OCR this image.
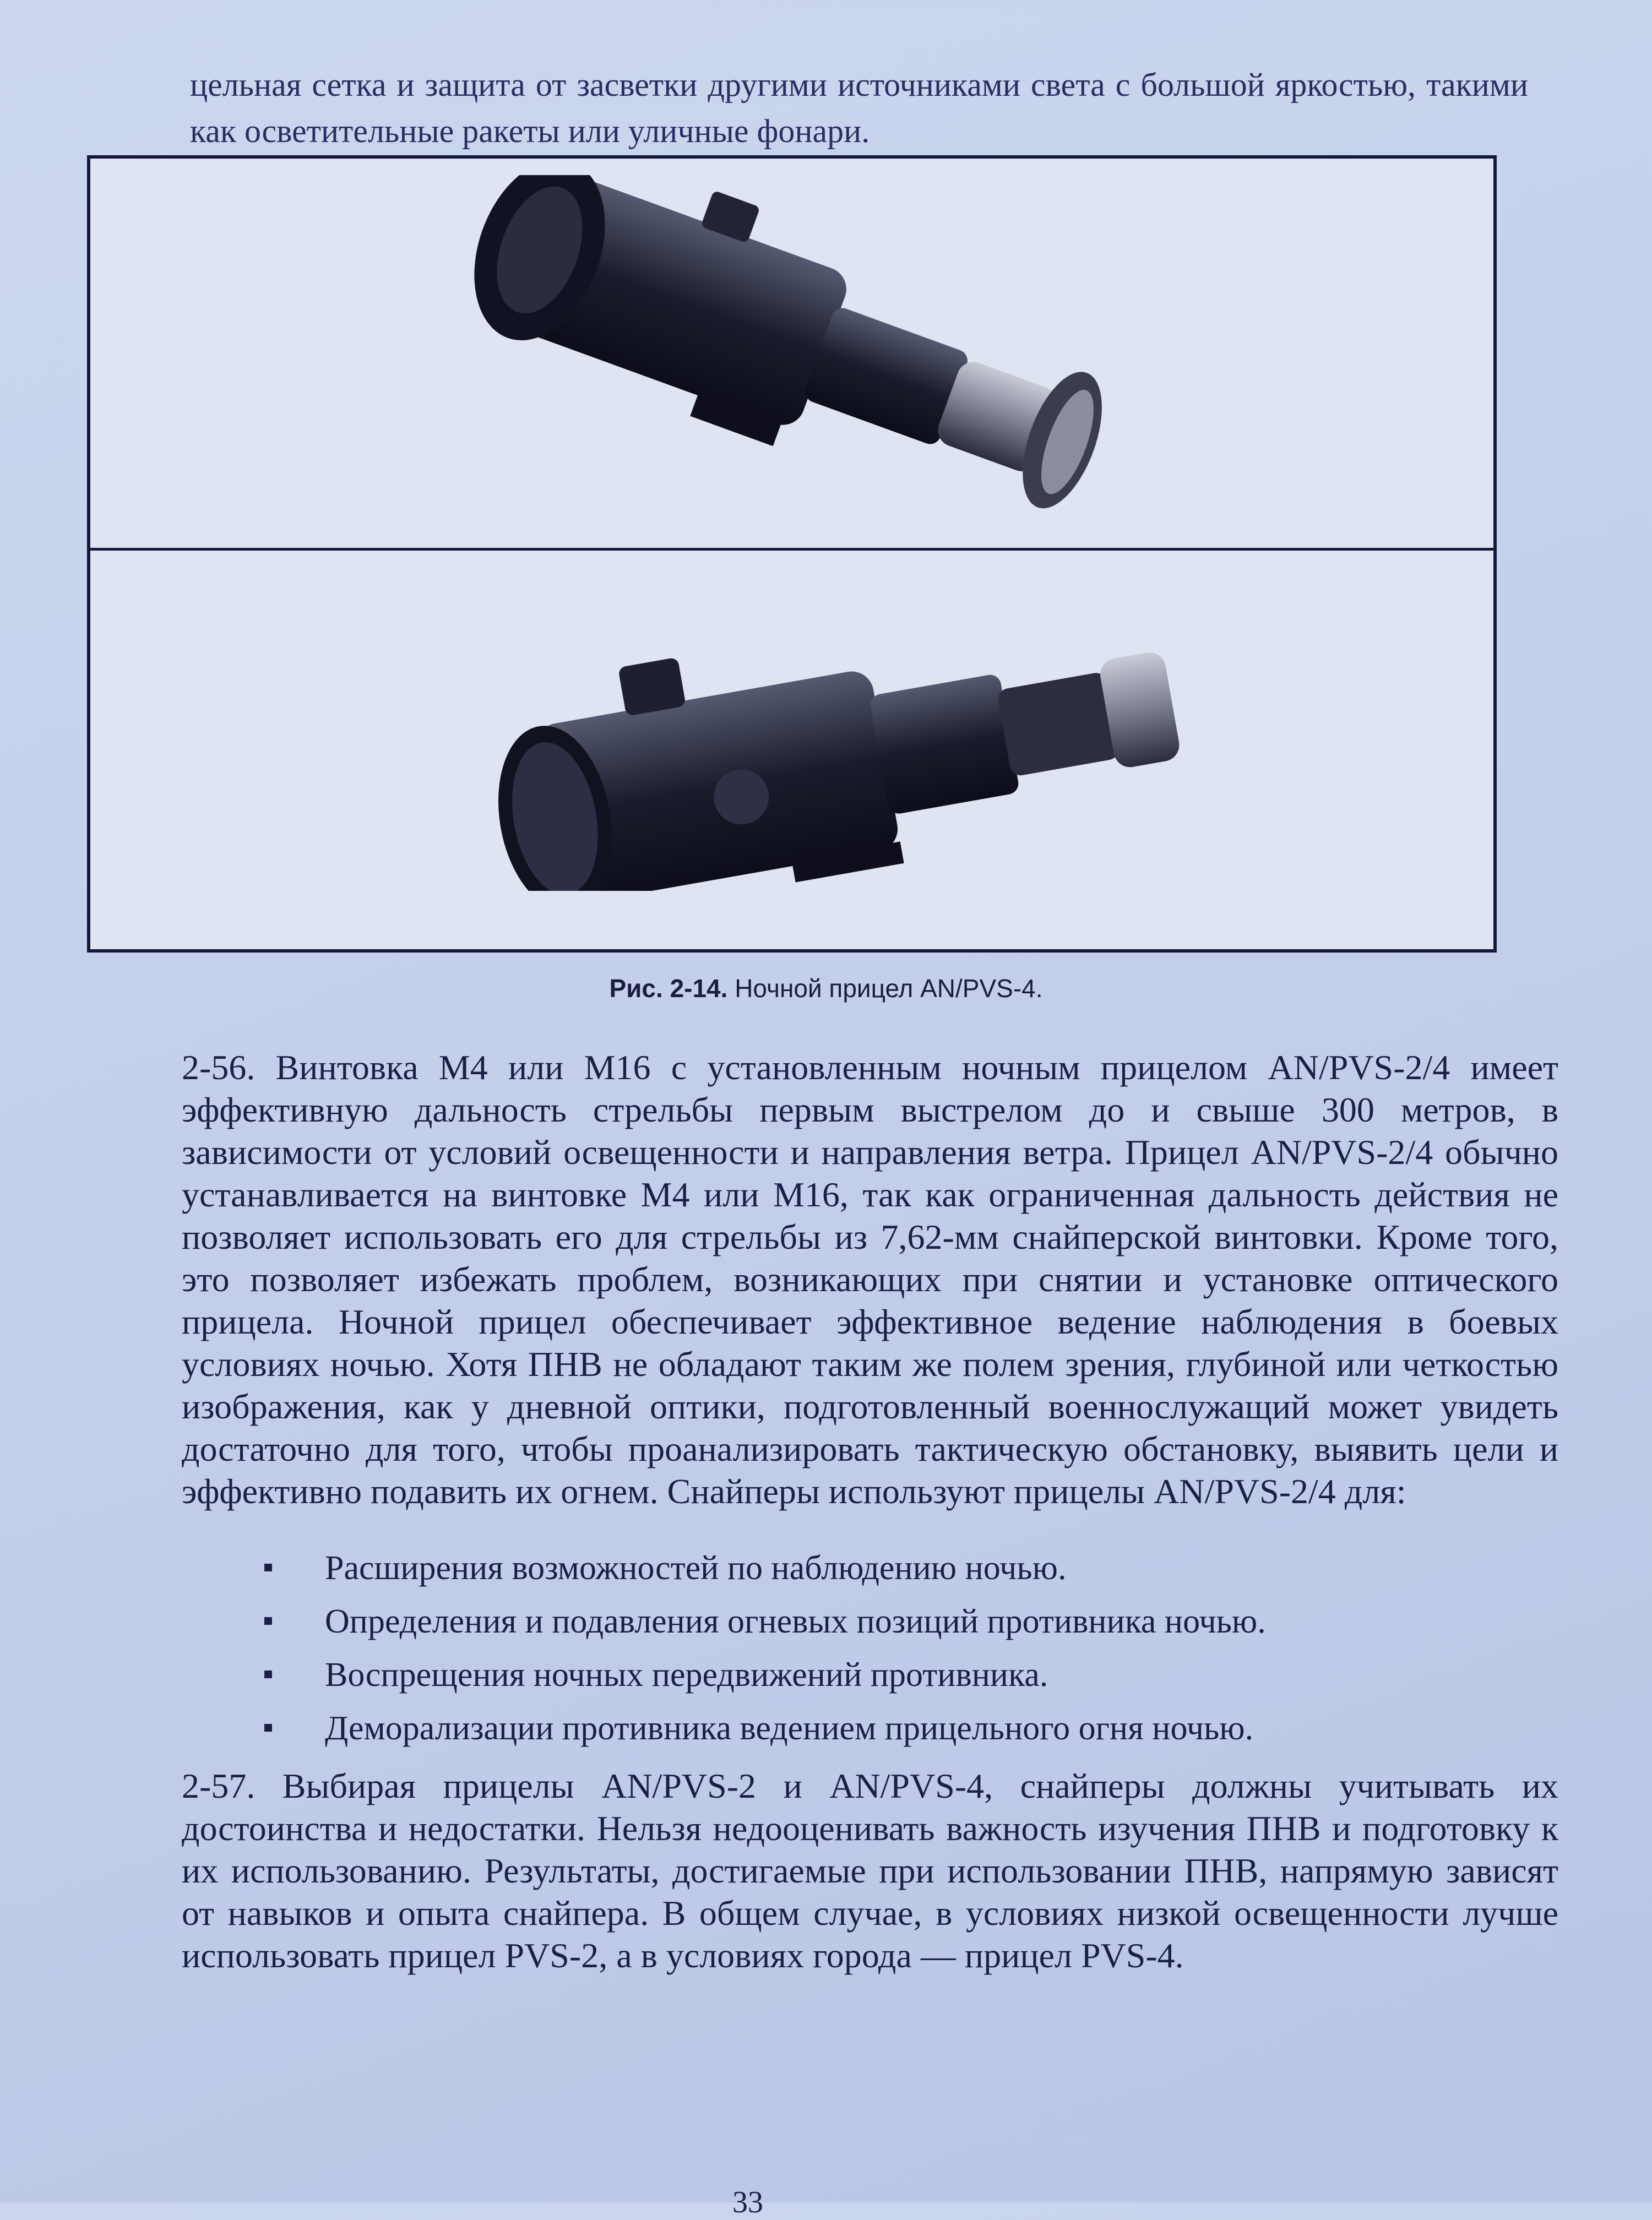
цельная сетка и защита от засветки другими источниками света с большой яркостью, такими как осветительные ракеты или уличные фонари.
Рис. 2-14. Ночной прицел AN/PVS-4.
2-56. Винтовка M4 или M16 с установленным ночным прицелом AN/PVS-2/4 имеет эффективную дальность стрельбы первым выстрелом до и свыше 300 метров, в зависимости от условий освещенности и направления ветра. Прицел AN/PVS-2/4 обычно устанавливается на винтовке M4 или M16, так как ограниченная дальность действия не позволяет использовать его для стрельбы из 7,62-мм снайперской винтовки. Кроме того, это позволяет избежать проблем, возникающих при снятии и установке оптического прицела. Ночной прицел обеспечивает эффективное ведение наблюдения в боевых условиях ночью. Хотя ПНВ не обладают таким же полем зрения, глубиной или четкостью изображения, как у дневной оптики, подготовленный военнослужащий может увидеть достаточно для того, чтобы проанализировать тактическую обстановку, выявить цели и эффективно подавить их огнем. Снайперы используют прицелы AN/PVS-2/4 для:
Расширения возможностей по наблюдению ночью.
Определения и подавления огневых позиций противника ночью.
Воспрещения ночных передвижений противника.
Деморализации противника ведением прицельного огня ночью.
2-57. Выбирая прицелы AN/PVS-2 и AN/PVS-4, снайперы должны учитывать их достоинства и недостатки. Нельзя недооценивать важность изучения ПНВ и подготовку к их использованию. Результаты, достигаемые при использовании ПНВ, напрямую зависят от навыков и опыта снайпера. В общем случае, в условиях низкой освещенности лучше использовать прицел PVS-2, а в условиях города — прицел PVS-4.
33
